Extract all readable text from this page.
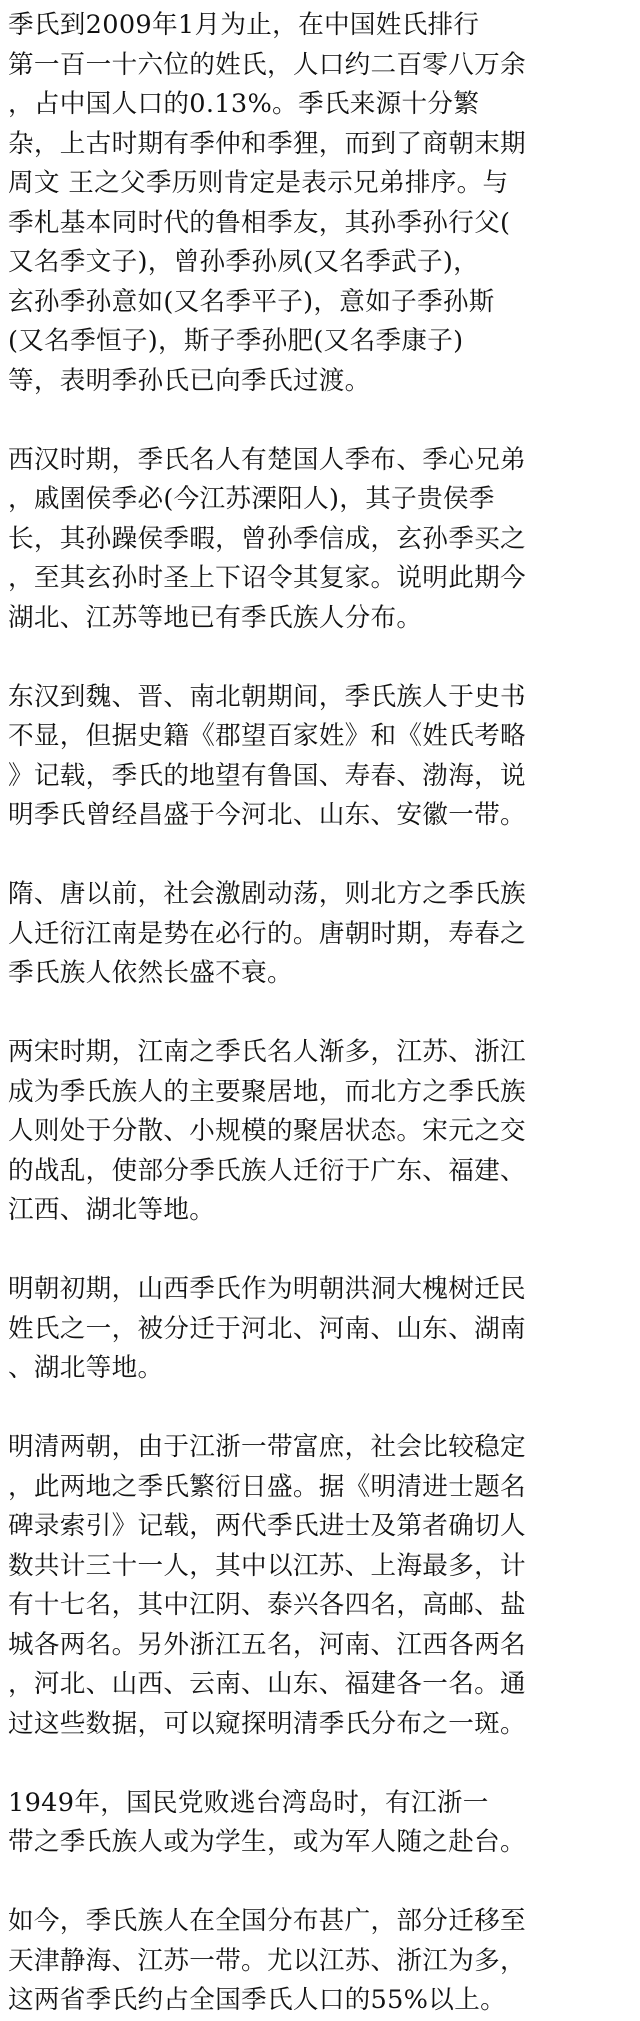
季氏到2009年1月为止，在中国姓氏排行
第一百一十六位的姓氏，人口约二百零八万余
，占中国人口的0.13%。季氏来源十分繁
杂，上古时期有季仲和季狸，而到了商朝末期
周文 王之父季历则肯定是表示兄弟排序。与
季札基本同时代的鲁相季友，其孙季孙行父(
又名季文子)，曾孙季孙夙(又名季武子)，
玄孙季孙意如(又名季平子)，意如子季孙斯
(又名季恒子)，斯子季孙肥(又名季康子)
等，表明季孙氏已向季氏过渡。
西汉时期，季氏名人有楚国人季布、季心兄弟
，戚圉侯季必(今江苏溧阳人)，其子贵侯季
长，其孙躁侯季暇，曾孙季信成，玄孙季买之
，至其玄孙时圣上下诏令其复家。说明此期今
湖北、江苏等地已有季氏族人分布。
东汉到魏、晋、南北朝期间，季氏族人于史书
不显，但据史籍《郡望百家姓》和《姓氏考略
》记载，季氏的地望有鲁国、寿春、渤海，说
明季氏曾经昌盛于今河北、山东、安徽一带。
隋、唐以前，社会激剧动荡，则北方之季氏族
人迁衍江南是势在必行的。唐朝时期，寿春之
季氏族人依然长盛不衰。
两宋时期，江南之季氏名人渐多，江苏、浙江
成为季氏族人的主要聚居地，而北方之季氏族
人则处于分散、小规模的聚居状态。宋元之交
的战乱，使部分季氏族人迁衍于广东、福建、
江西、湖北等地。
明朝初期，山西季氏作为明朝洪洞大槐树迁民
姓氏之一，被分迁于河北、河南、山东、湖南
、湖北等地。
明清两朝，由于江浙一带富庶，社会比较稳定
，此两地之季氏繁衍日盛。据《明清进士题名
碑录索引》记载，两代季氏进士及第者确切人
数共计三十一人，其中以江苏、上海最多，计
有十七名，其中江阴、泰兴各四名，高邮、盐
城各两名。另外浙江五名，河南、江西各两名
，河北、山西、云南、山东、福建各一名。通
过这些数据，可以窥探明清季氏分布之一斑。
1949年，国民党败逃台湾岛时，有江浙一
带之季氏族人或为学生，或为军人随之赴台。
如今，季氏族人在全国分布甚广，部分迁移至
天津静海、江苏一带。尤以江苏、浙江为多，
这两省季氏约占全国季氏人口的55%以上。
